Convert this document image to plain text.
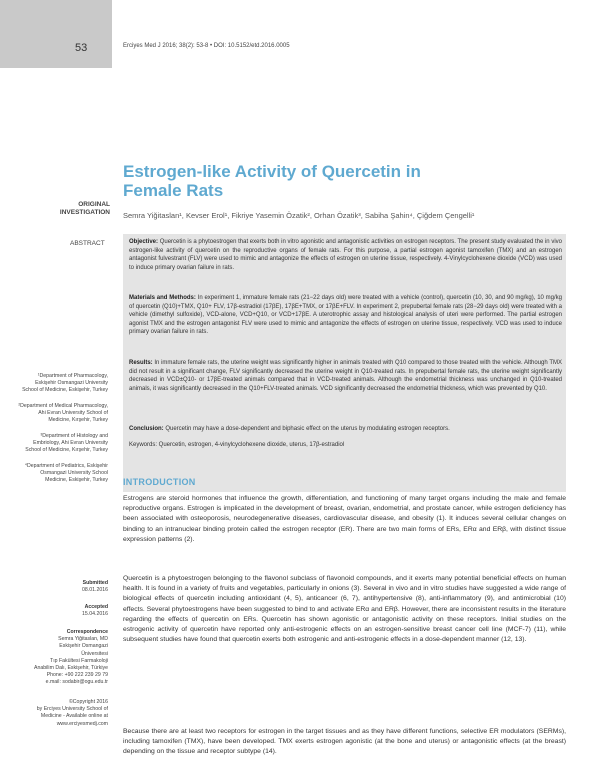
53	Erciyes Med J 2016; 38(2): 53-8 • DOI: 10.5152/etd.2016.0005
Estrogen-like Activity of Quercetin in Female Rats
ORIGINAL
INVESTIGATION Semra Yiğitaslan¹, Kevser Erol¹, Fikriye Yasemin Özatik², Orhan Özatik³, Sabiha Şahin⁴, Çiğdem Çengelli¹
ABSTRACT	Objective: Quercetin is a phytoestrogen that exerts both in vitro agonistic and antagonistic activities on estrogen receptors. The present study evaluated the in vivo estrogen-like activity of quercetin on the reproductive organs of female rats. For this purpose, a partial estrogen agonist tamoxifen (TMX) and an estrogen antagonist fulvestrant (FLV) were used to mimic and antagonize the effects of estrogen on uterine tissue, respectively. 4-Vinylcyclohexene dioxide (VCD) was used to induce primary ovarian failure in rats.
Materials and Methods: In experiment 1, immature female rats (21−22 days old) were treated with a vehicle (control), quercetin (10, 30, and 90 mg/kg), 10 mg/kg of quercetin (Q10)+TMX, Q10+ FLV, 17β-estradiol (17βE), 17βE+TMX, or 17βE+FLV. In experiment 2, prepubertal female rats (28−29 days old) were treated with a vehicle (dimethyl sulfoxide), VCD-alone, VCD+Q10, or VCD+17βE. A uterotrophic assay and histological analysis of uteri were performed. The partial estrogen agonist TMX and the estrogen antagonist FLV were used to mimic and antagonize the effects of estrogen on uterine tissue, respectively. VCD was used to induce primary ovarian failure in rats.
Results: In immature female rats, the uterine weight was significantly higher in animals treated with Q10 compared to those treated with the vehicle. Although TMX did not result in a significant change, FLV significantly decreased the uterine weight in Q10-treated rats. In prepubertal female rats, the uterine weight significantly decreased in VCD±Q10- or 17βE-treated animals compared that in VCD-treated animals. Although the endometrial thickness was unchanged in Q10-treated animals, it was significantly decreased in the Q10+FLV-treated animals. VCD significantly decreased the endometrial thickness, which was prevented by Q10.
Conclusion: Quercetin may have a dose-dependent and biphasic effect on the uterus by modulating estrogen receptors.
Keywords: Quercetin, estrogen, 4-vinylcyclohexene dioxide, uterus, 17β-estradiol
¹Department of Pharmacology, Eskişehir Osmangazi University School of Medicine, Eskişehir, Turkey
²Department of Medical Pharmacology, Ahi Evran University School of Medicine, Kırşehir, Turkey
³Department of Histology and Embriology, Ahi Evran University School of Medicine, Kırşehir, Turkey
⁴Department of Pediatrics, Eskişehir Osmangazi University School Medicine, Eskişehir, Turkey
Submitted
08.01.2016
Accepted
15.04.2016
Correspondence
Semra Yiğitaslan, MD
Eskişehir Osmangazi
Üniversitesi
Tıp Fakültesi Farmakoloji
Anabilim Dalı, Eskişehir, Türkiye
Phone: +90 222 239 29 79
e.mail: sodabir@ogu.edu.tr
©Copyright 2016
by Erciyes University School of
Medicine - Available online at
www.erciyesmedj.com
INTRODUCTION
Estrogens are steroid hormones that influence the growth, differentiation, and functioning of many target organs including the male and female reproductive organs. Estrogen is implicated in the development of breast, ovarian, endometrial, and prostate cancer, while estrogen deficiency has been associated with osteoporosis, neurodegenerative diseases, cardiovascular disease, and obesity (1). It induces several cellular changes on binding to an intranuclear binding protein called the estrogen receptor (ER). There are two main forms of ERs, ERα and ERβ, with distinct tissue expression patterns (2).
Quercetin is a phytoestrogen belonging to the flavonol subclass of flavonoid compounds, and it exerts many potential beneficial effects on human health. It is found in a variety of fruits and vegetables, particularly in onions (3). Several in vivo and in vitro studies have suggested a wide range of biological effects of quercetin including antioxidant (4, 5), anticancer (6, 7), antihypertensive (8), anti-inflammatory (9), and antimicrobial (10) effects. Several phytoestrogens have been suggested to bind to and activate ERα and ERβ. However, there are inconsistent results in the literature regarding the effects of quercetin on ERs. Quercetin has shown agonistic or antagonistic activity on these receptors. Initial studies on the estrogenic activity of quercetin have reported only anti-estrogenic effects on an estrogen-sensitive breast cancer cell line (MCF-7) (11), while subsequent studies have found that quercetin exerts both estrogenic and anti-estrogenic effects in a dose-dependent manner (12, 13).
Because there are at least two receptors for estrogen in the target tissues and as they have different functions, selective ER modulators (SERMs), including tamoxifen (TMX), have been developed. TMX exerts estrogen agonistic (at the bone and uterus) or antagonistic effects (at the breast) depending on the tissue and receptor subtype (14).
